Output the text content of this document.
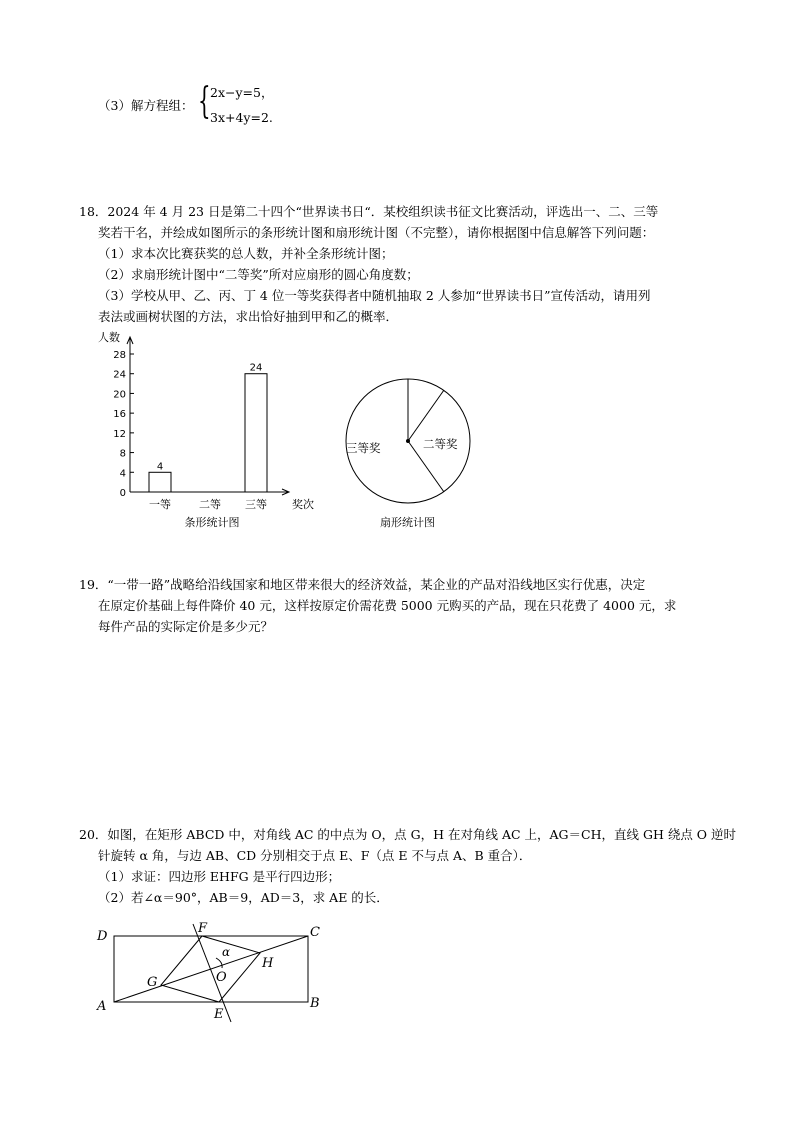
（3）解方程组： { 2x−y=5，
3x+4y=2.
18．2024 年 4 月 23 日是第二十四个“世界读书日“．某校组织读书征文比赛活动，评选出一、二、三等
奖若干名，并绘成如图所示的条形统计图和扇形统计图（不完整），请你根据图中信息解答下列问题：
（1）求本次比赛获奖的总人数，并补全条形统计图；
（2）求扇形统计图中“二等奖”所对应扇形的圆心角度数；
（3）学校从甲、乙、丙、丁 4 位一等奖获得者中随机抽取 2 人参加“世界读书日”宣传活动，请用列
表法或画树状图的方法，求出恰好抽到甲和乙的概率．
0
4
8
12
16
20
24
28
人数
奖次
一等
4
二等 三等
24
条形统计图
二等奖
三等奖
扇形统计图
19．“一带一路”战略给沿线国家和地区带来很大的经济效益，某企业的产品对沿线地区实行优惠，决定
在原定价基础上每件降价 40 元，这样按原定价需花费 5000 元购买的产品，现在只花费了 4000 元，求
每件产品的实际定价是多少元？
20．如图，在矩形 ABCD 中，对角线 AC 的中点为 O，点 G，H 在对角线 AC 上，AG＝CH，直线 GH 绕点 O 逆时
针旋转 α 角，与边 AB、CD 分别相交于点 E、F（点 E 不与点 A、B 重合）．
（1）求证：四边形 EHFG 是平行四边形；
（2）若∠α＝90°，AB＝9，AD＝3，求 AE 的长．
D	C
A	B
F
E
G
H
O
α
